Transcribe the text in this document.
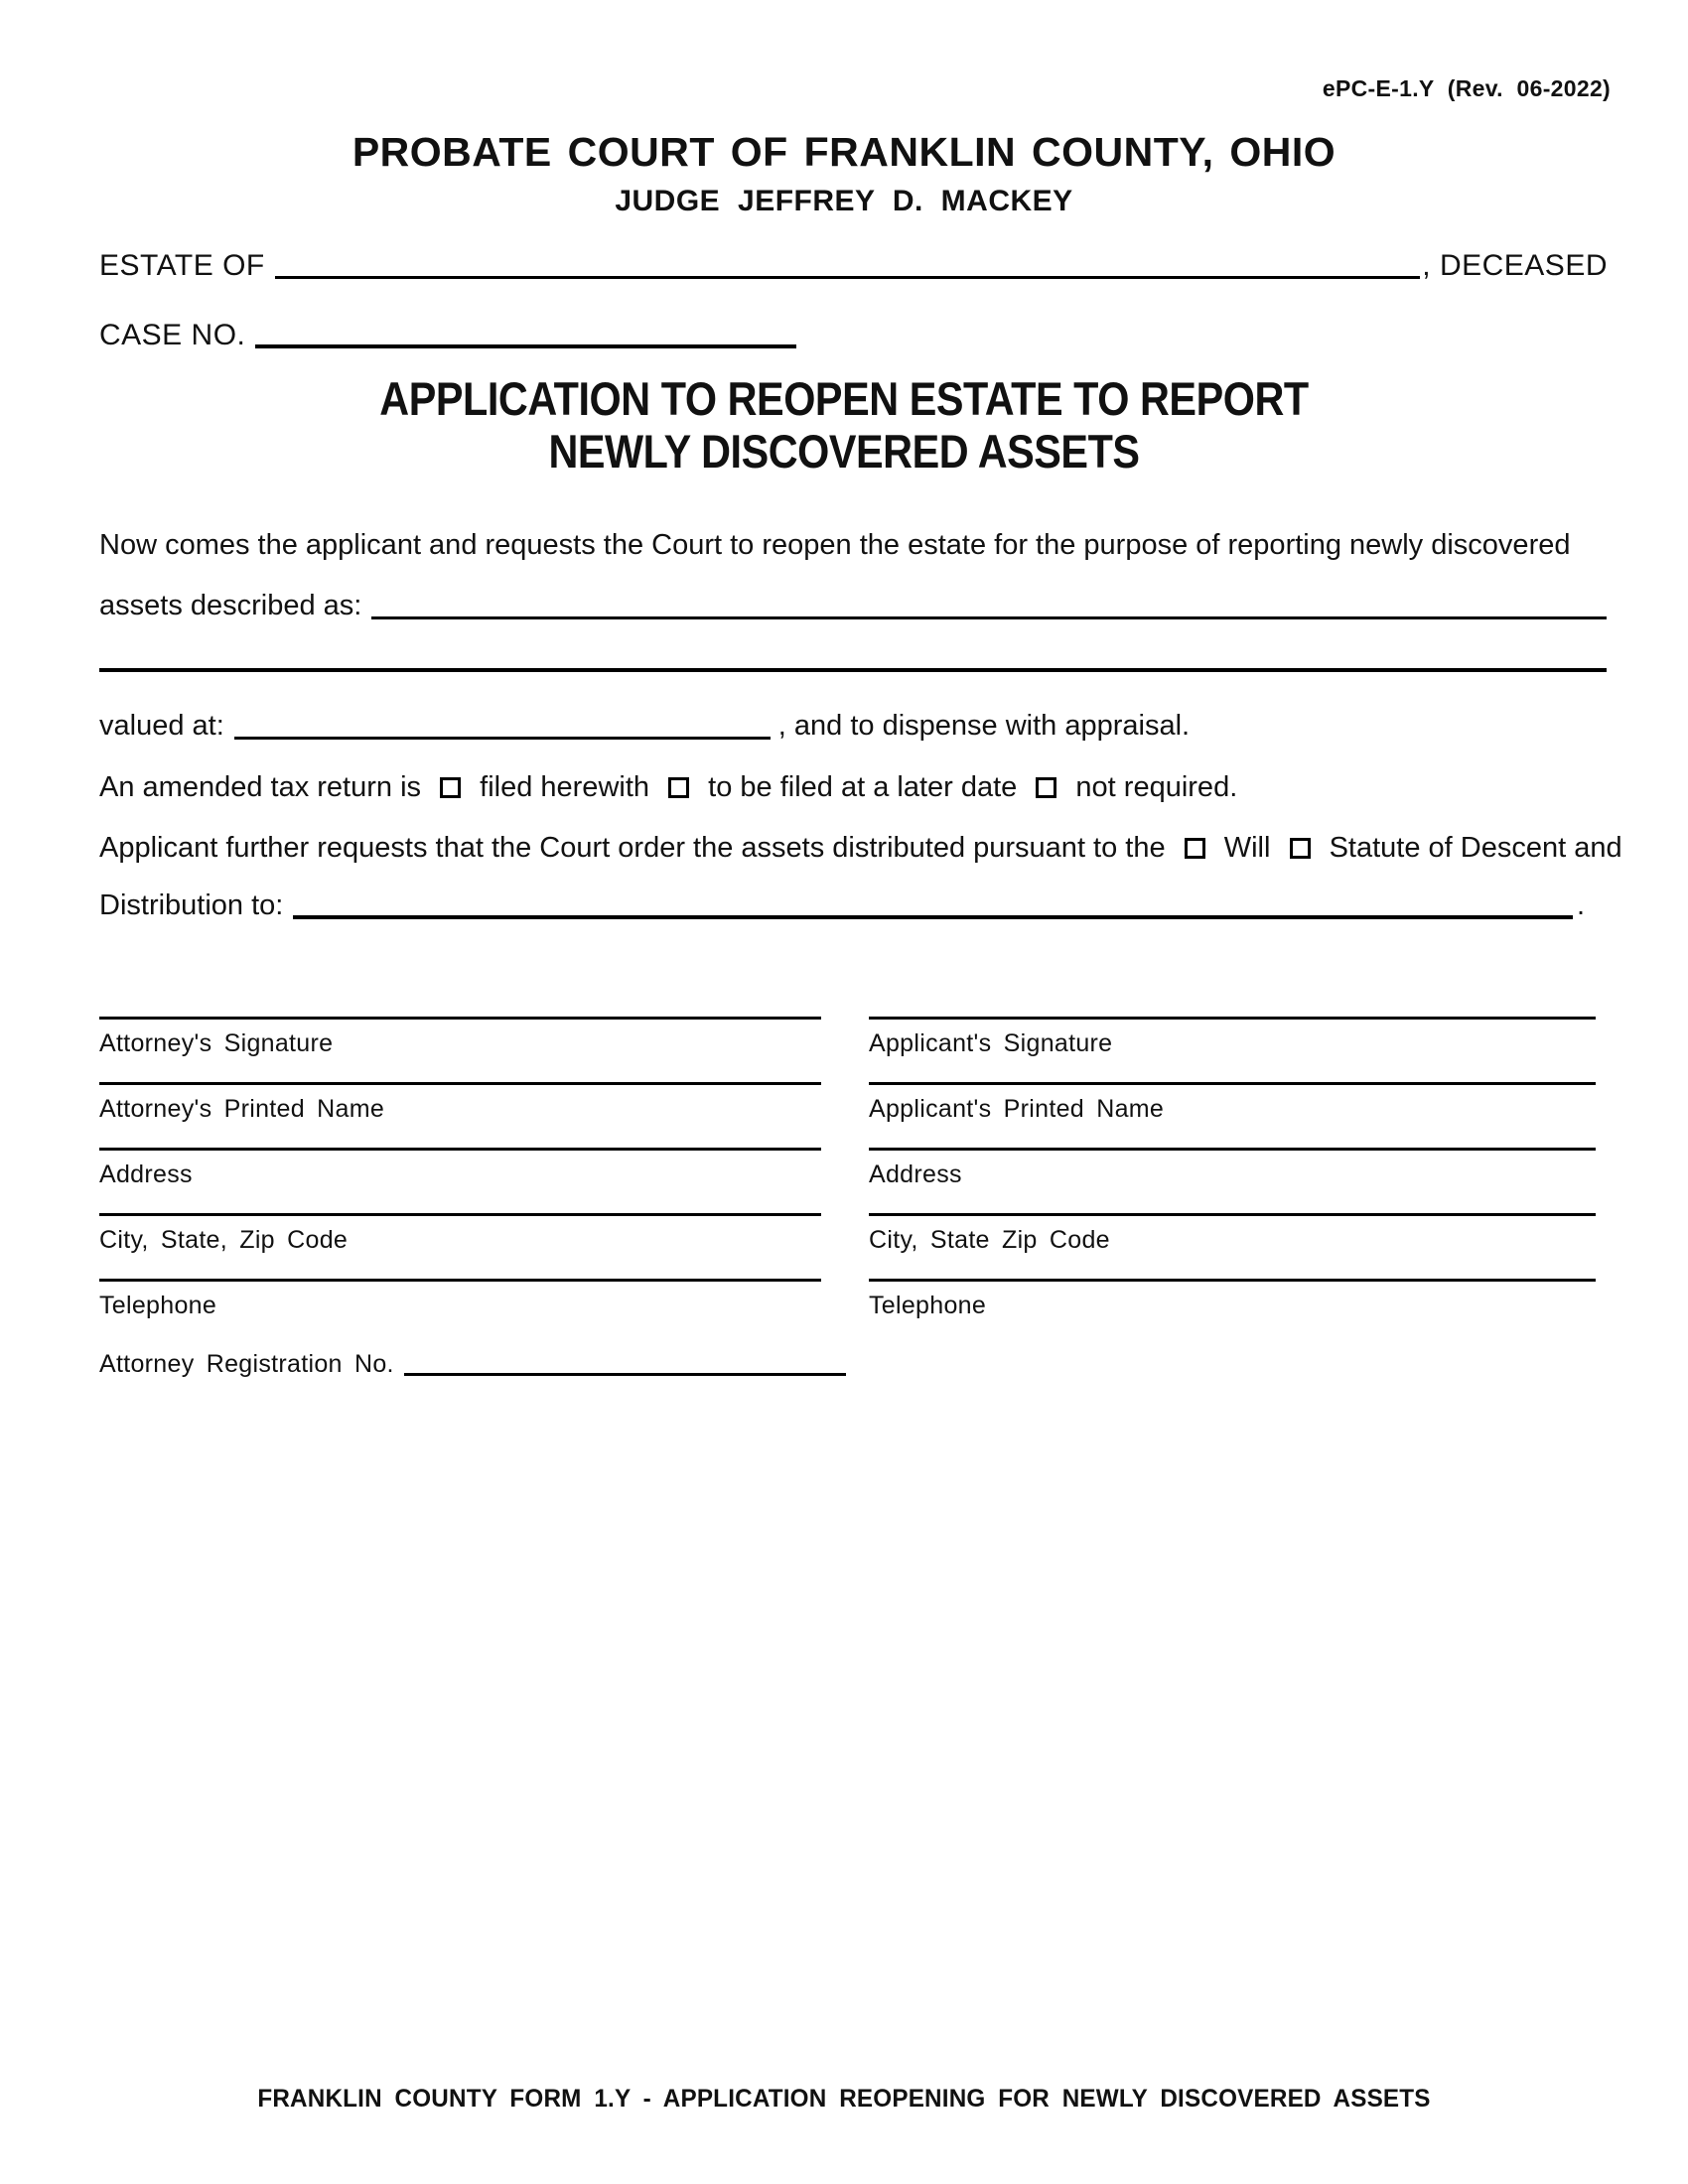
ePC-E-1.Y (Rev. 06-2022)
PROBATE COURT OF FRANKLIN COUNTY, OHIO
JUDGE JEFFREY D. MACKEY
ESTATE OF	, DECEASED
CASE NO.
APPLICATION TO REOPEN ESTATE TO REPORT
NEWLY DISCOVERED ASSETS
Now comes the applicant and requests the Court to reopen the estate for the purpose of reporting newly discovered
assets described as:
valued at:	, and to dispense with appraisal.
An amended tax return is filed herewith to be filed at a later date not required.
Applicant further requests that the Court order the assets distributed pursuant to the Will Statute of Descent and
Distribution to:	.
Attorney's Signature
Attorney's Printed Name
Address
City, State, Zip Code
Telephone
Applicant's Signature
Applicant's Printed Name
Address
City, State Zip Code
Telephone
Attorney Registration No.
FRANKLIN COUNTY FORM 1.Y - APPLICATION REOPENING FOR NEWLY DISCOVERED ASSETS
